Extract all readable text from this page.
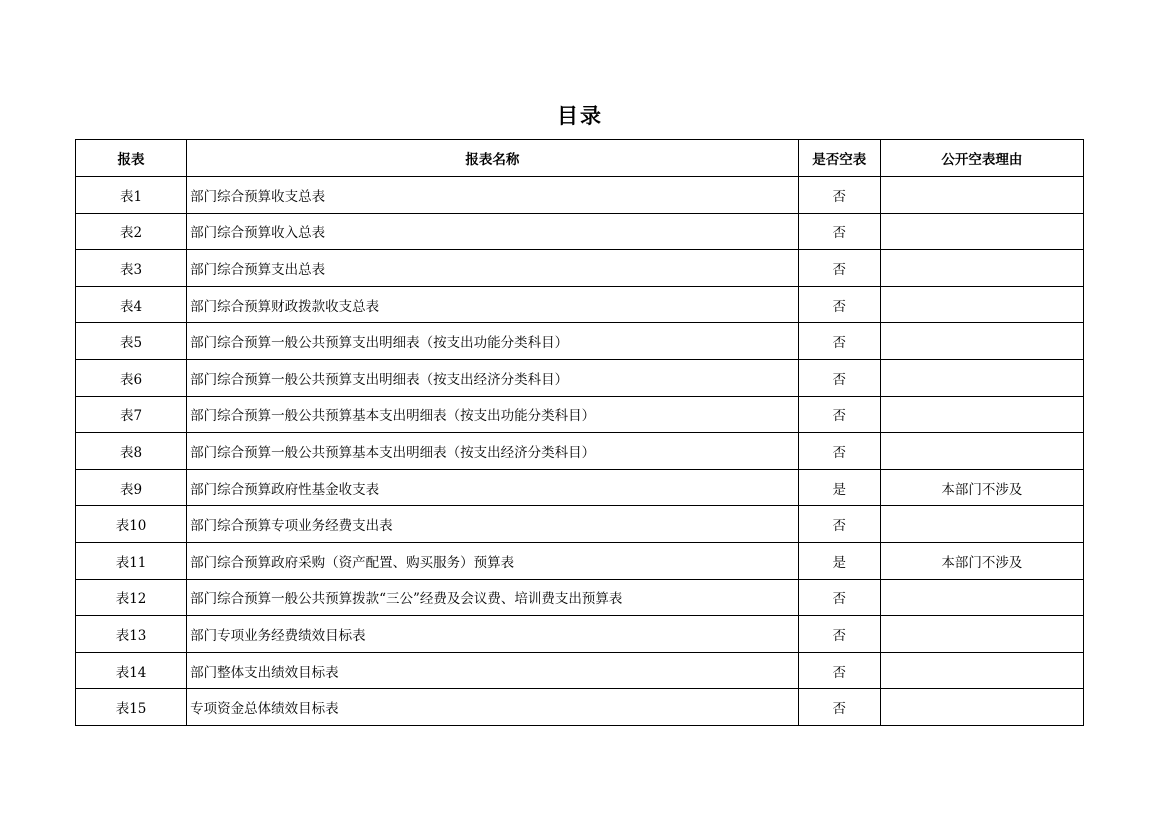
目录
报表	报表名称	是否空表	公开空表理由
表1	部门综合预算收支总表	否	
表2	部门综合预算收入总表	否	
表3	部门综合预算支出总表	否	
表4	部门综合预算财政拨款收支总表	否	
表5	部门综合预算一般公共预算支出明细表（按支出功能分类科目）	否	
表6	部门综合预算一般公共预算支出明细表（按支出经济分类科目）	否	
表7	部门综合预算一般公共预算基本支出明细表（按支出功能分类科目）	否	
表8	部门综合预算一般公共预算基本支出明细表（按支出经济分类科目）	否	
表9	部门综合预算政府性基金收支表	是	本部门不涉及
表10	部门综合预算专项业务经费支出表	否	
表11	部门综合预算政府采购（资产配置、购买服务）预算表	是	本部门不涉及
表12	部门综合预算一般公共预算拨款“三公”经费及会议费、培训费支出预算表	否	
表13	部门专项业务经费绩效目标表	否	
表14	部门整体支出绩效目标表	否	
表15	专项资金总体绩效目标表	否	
